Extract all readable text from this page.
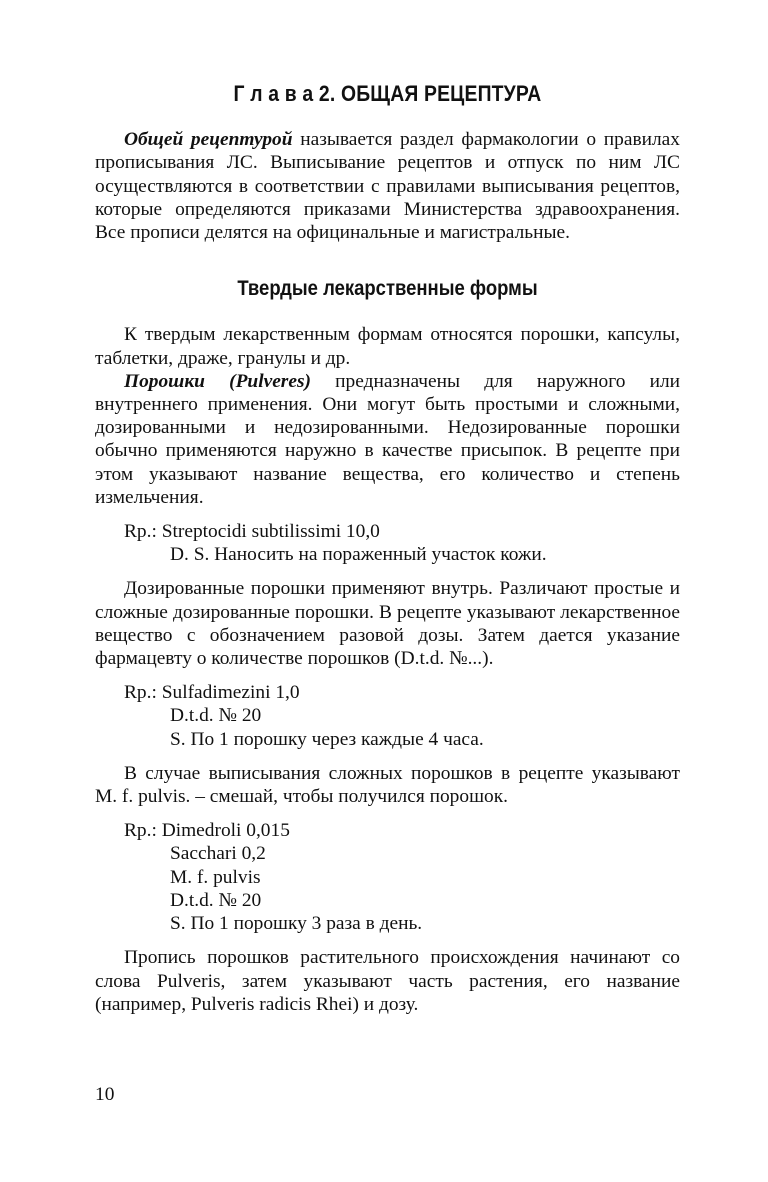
Г л а в а 2. ОБЩАЯ РЕЦЕПТУРА

Общей рецептурой называется раздел фармакологии о правилах прописывания ЛС. Выписывание рецептов и отпуск по ним ЛС осуществляются в соответствии с правилами выписывания рецептов, которые определяются приказами Министерства здравоохранения. Все прописи делятся на официнальные и магистральные.

Твердые лекарственные формы

К твердым лекарственным формам относятся порошки, капсулы, таблетки, драже, гранулы и др.

Порошки (Pulveres) предназначены для наружного или внутреннего применения. Они могут быть простыми и сложными, дозированными и недозированными. Недозированные порошки обычно применяются наружно в качестве присыпок. В рецепте при этом указывают название вещества, его количество и степень измельчения.

Rp.: Streptocidi subtilissimi 10,0
D. S. Наносить на пораженный участок кожи.

Дозированные порошки применяют внутрь. Различают простые и сложные дозированные порошки. В рецепте указывают лекарственное вещество с обозначением разовой дозы. Затем дается указание фармацевту о количестве порошков (D.t.d. №...).

Rp.: Sulfadimezini 1,0
D.t.d. № 20
S. По 1 порошку через каждые 4 часа.

В случае выписывания сложных порошков в рецепте указывают M. f. pulvis. – смешай, чтобы получился порошок.

Rp.: Dimedroli 0,015
Sacchari 0,2
M. f. pulvis
D.t.d. № 20
S. По 1 порошку 3 раза в день.

Пропись порошков растительного происхождения начинают со слова Pulveris, затем указывают часть растения, его название (например, Pulveris radicis Rhei) и дозу.

10
